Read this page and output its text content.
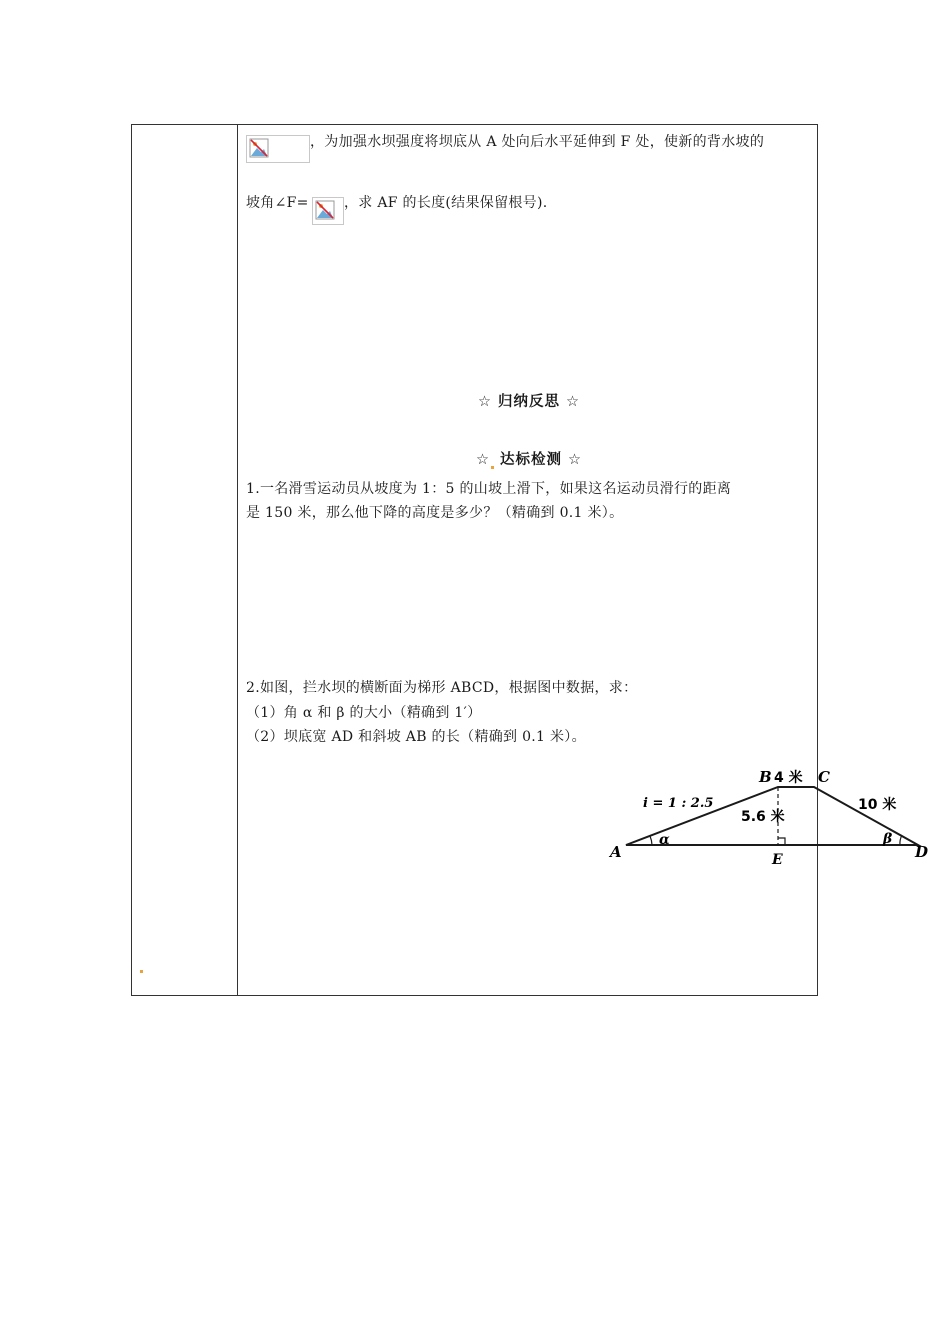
，为加强水坝强度将坝底从 A 处向后水平延伸到 F 处，使新的背水坡的
坡角∠F=	，求 AF 的长度(结果保留根号).
☆ 归纳反思 ☆
☆ 达标检测 ☆
1.一名滑雪运动员从坡度为 1：5 的山坡上滑下，如果这名运动员滑行的距离
是 150 米，那么他下降的高度是多少？（精确到 0.1 米）。
2.如图，拦水坝的横断面为梯形 ABCD，根据图中数据，求：
（1）角 α 和 β 的大小（精确到 1′）
（2）坝底宽 AD 和斜坡 AB 的长（精确到 0.1 米）。
A
B	C
D
E
4 米
5.6 米
i = 1 : 2.5	10 米
α	β
